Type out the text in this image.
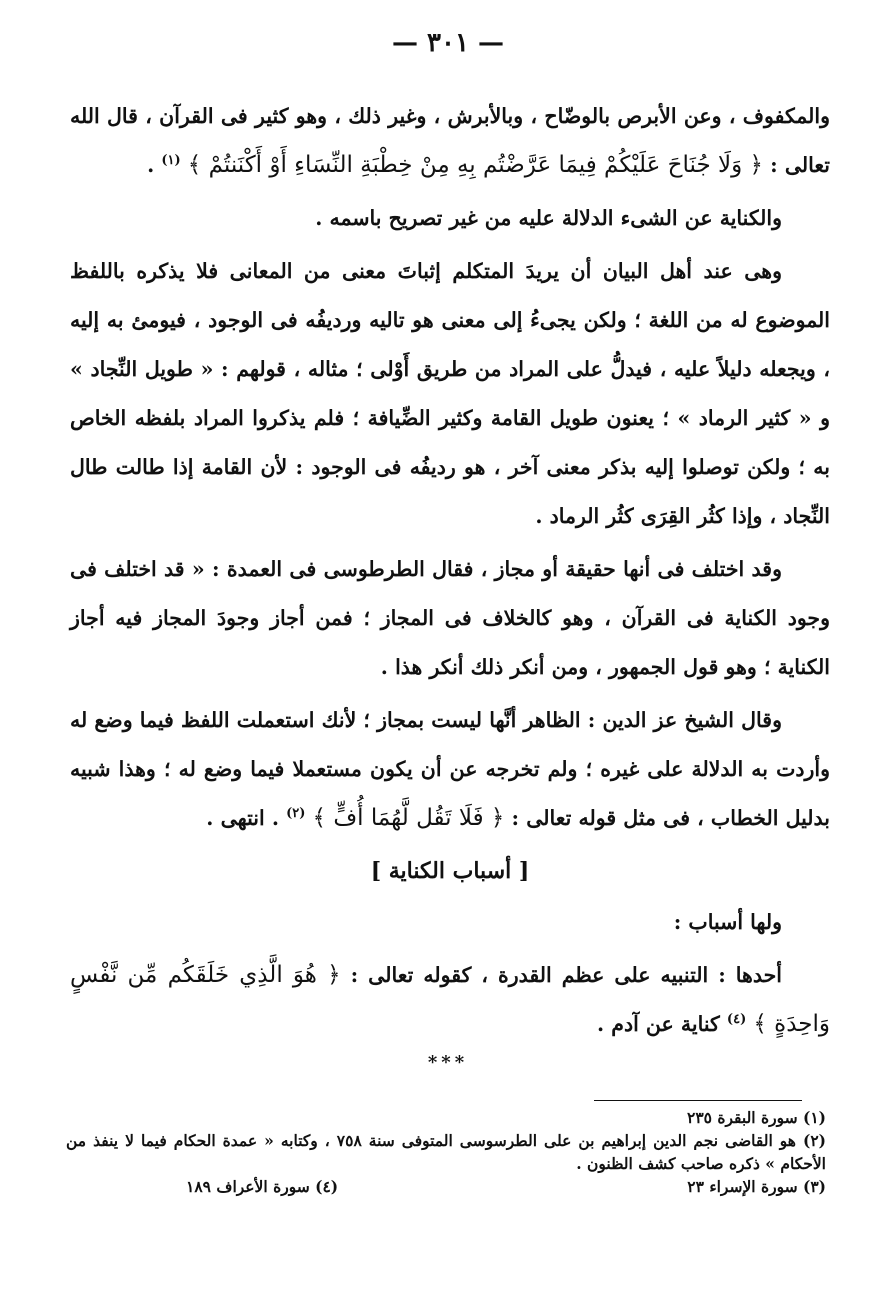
— ٣٠١ —

والمكفوف ، وعن الأبرص بالوضّاح ، وبالأبرش ، وغير ذلك ، وهو كثير فى القرآن ، قال الله تعالى : ﴿ وَلَا جُنَاحَ عَلَيْكُمْ فِيمَا عَرَّضْتُم بِهِ مِنْ خِطْبَةِ النِّسَاءِ أَوْ أَكْنَنتُمْ ﴾ $^{(١)}$ .

والكناية عن الشىء الدلالة عليه من غير تصريح باسمه .

وهى عند أهل البيان أن يريدَ المتكلم إثباتَ معنى من المعانى فلا يذكره باللفظ الموضوع له من اللغة ؛ ولكن يجىءُ إلى معنى هو تاليه ورديفُه فى الوجود ، فيومئ به إليه ، ويجعله دليلاً عليه ، فيدلُّ على المراد من طريق أَوْلى ؛ مثاله ، قولهم : « طويل النِّجاد » و « كثير الرماد » ؛ يعنون طويل القامة وكثير الضِّيافة ؛ فلم يذكروا المراد بلفظه الخاص به ؛ ولكن توصلوا إليه بذكر معنى آخر ، هو رديفُه فى الوجود : لأن القامة إذا طالت طال النِّجاد ، وإذا كثُر القِرَى كثُر الرماد .

وقد اختلف فى أنها حقيقة أو مجاز ، فقال الطرطوسى فى العمدة : « قد اختلف فى وجود الكناية فى القرآن ، وهو كالخلاف فى المجاز ؛ فمن أجاز وجودَ المجاز فيه أجاز الكناية ؛ وهو قول الجمهور ، ومن أنكر ذلك أنكر هذا .

وقال الشيخ عز الدين : الظاهر أنَّها ليست بمجاز ؛ لأنك استعملت اللفظ فيما وضع له وأردت به الدلالة على غيره ؛ ولم تخرجه عن أن يكون مستعملا فيما وضع له ؛ وهذا شبيه بدليل الخطاب ، فى مثل قوله تعالى : ﴿ فَلَا تَقُل لَّهُمَا أُفٍّ ﴾ $^{(٢)}$ . انتهى .

[ أسباب الكناية ]

ولها أسباب :

أحدها : التنبيه على عظم القدرة ، كقوله تعالى : ﴿ هُوَ الَّذِي خَلَقَكُم مِّن نَّفْسٍ وَاحِدَةٍ ﴾ $^{(٤)}$ كناية عن آدم .

***
(١) سورة البقرة ٢٣٥
(٢) هو القاضى نجم الدين إبراهيم بن على الطرسوسى المتوفى سنة ٧٥٨ ، وكتابه « عمدة الحكام فيما لا ينفذ من الأحكام » ذكره صاحب كشف الظنون .
(٣) سورة الإسراء ٢٣
(٤) سورة الأعراف ١٨٩
